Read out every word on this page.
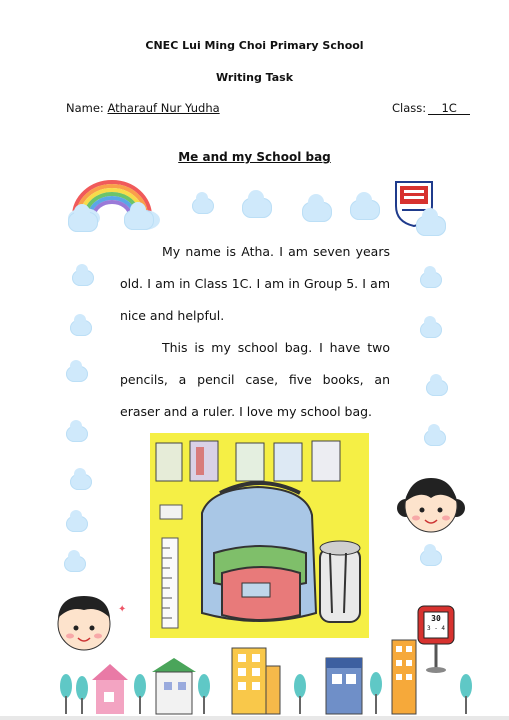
CNEC Lui Ming Choi Primary School
Writing Task
Name: Atharauf Nur Yudha	Class: 1C
Me and my School bag
My name is Atha. I am seven years old. I am in Class 1C. I am in Group 5. I am nice and helpful.
This is my school bag. I have two pencils, a pencil case, five books, an eraser and a ruler. I love my school bag.
✦
30
3 - 4
